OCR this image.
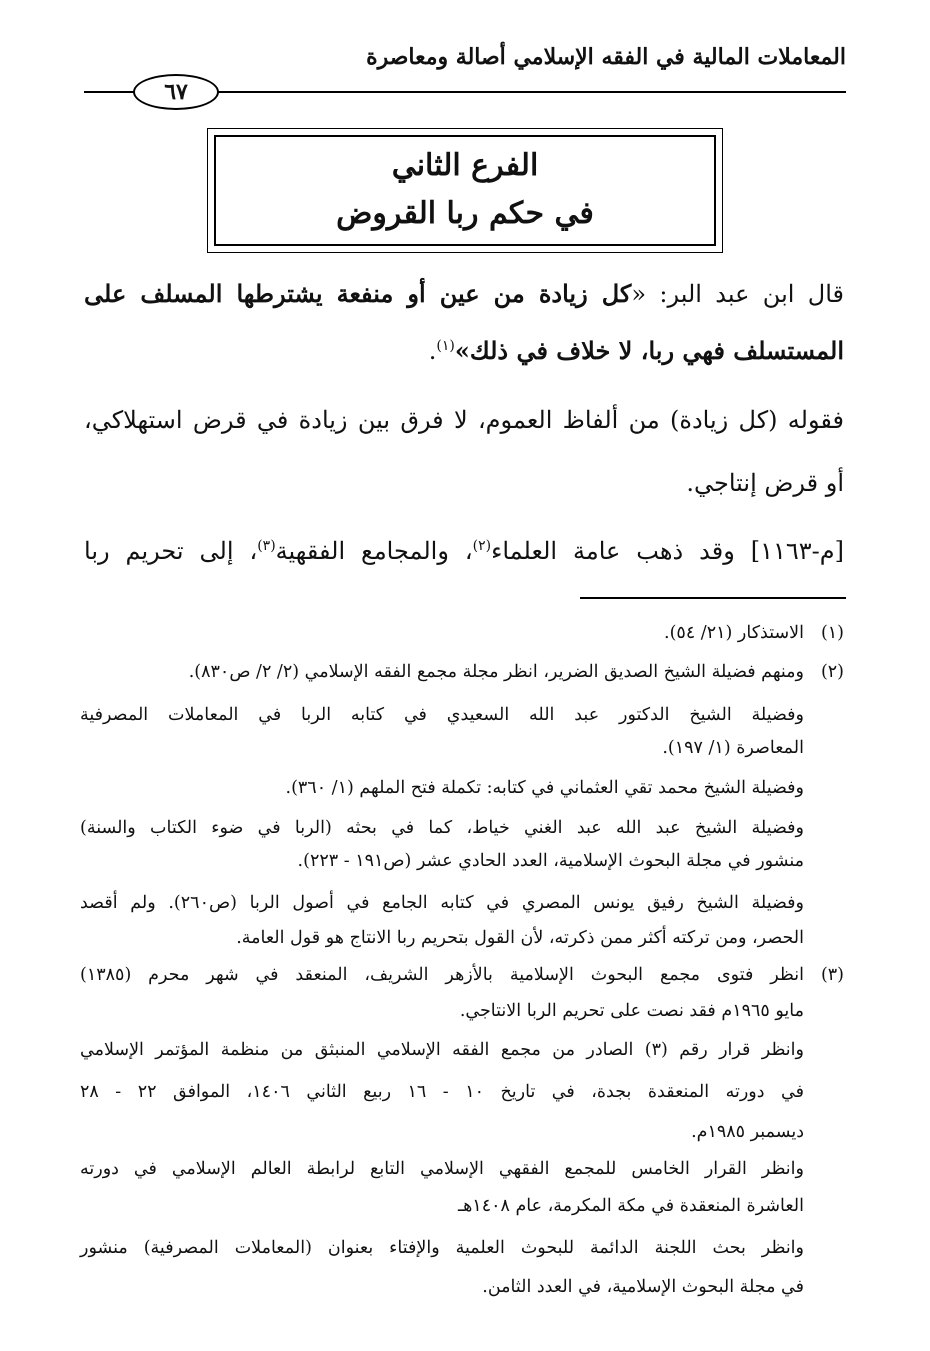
المعاملات المالية في الفقه الإسلامي أصالة ومعاصرة
٦٧
الفرع الثاني
في حكم ربا القروض
قال ابن عبد البر: «كل زيادة من عين أو منفعة يشترطها المسلف على
المستسلف فهي ربا، لا خلاف في ذلك»$^{(١)}$.
فقوله (كل زيادة) من ألفاظ العموم، لا فرق بين زيادة في قرض استهلاكي،
أو قرض إنتاجي.
[م-١١٦٣] وقد ذهب عامة العلماء$^{(٢)}$، والمجامع الفقهية$^{(٣)}$، إلى تحريم ربا
(١)
الاستذكار (٢١/ ٥٤).
(٢)
ومنهم فضيلة الشيخ الصديق الضرير، انظر مجلة مجمع الفقه الإسلامي (٢/ ٢/ ص٨٣٠).
وفضيلة الشيخ الدكتور عبد الله السعيدي في كتابه الربا في المعاملات المصرفية
المعاصرة (١/ ١٩٧).
وفضيلة الشيخ محمد تقي العثماني في كتابه: تكملة فتح الملهم (١/ ٣٦٠).
وفضيلة الشيخ عبد الله عبد الغني خياط، كما في بحثه (الربا في ضوء الكتاب والسنة)
منشور في مجلة البحوث الإسلامية، العدد الحادي عشر (ص١٩١ - ٢٢٣).
وفضيلة الشيخ رفيق يونس المصري في كتابه الجامع في أصول الربا (ص٢٦٠). ولم أقصد
الحصر، ومن تركته أكثر ممن ذكرته، لأن القول بتحريم ربا الانتاج هو قول العامة.
(٣)
انظر فتوى مجمع البحوث الإسلامية بالأزهر الشريف، المنعقد في شهر محرم (١٣٨٥)
مايو ١٩٦٥م فقد نصت على تحريم الربا الانتاجي.
وانظر قرار رقم (٣) الصادر من مجمع الفقه الإسلامي المنبثق من منظمة المؤتمر الإسلامي
في دورته المنعقدة بجدة، في تاريخ ١٠ - ١٦ ربيع الثاني ١٤٠٦، الموافق ٢٢ - ٢٨
ديسمبر ١٩٨٥م.
وانظر القرار الخامس للمجمع الفقهي الإسلامي التابع لرابطة العالم الإسلامي في دورته
العاشرة المنعقدة في مكة المكرمة، عام ١٤٠٨هـ
وانظر بحث اللجنة الدائمة للبحوث العلمية والإفتاء بعنوان (المعاملات المصرفية) منشور
في مجلة البحوث الإسلامية، في العدد الثامن.
